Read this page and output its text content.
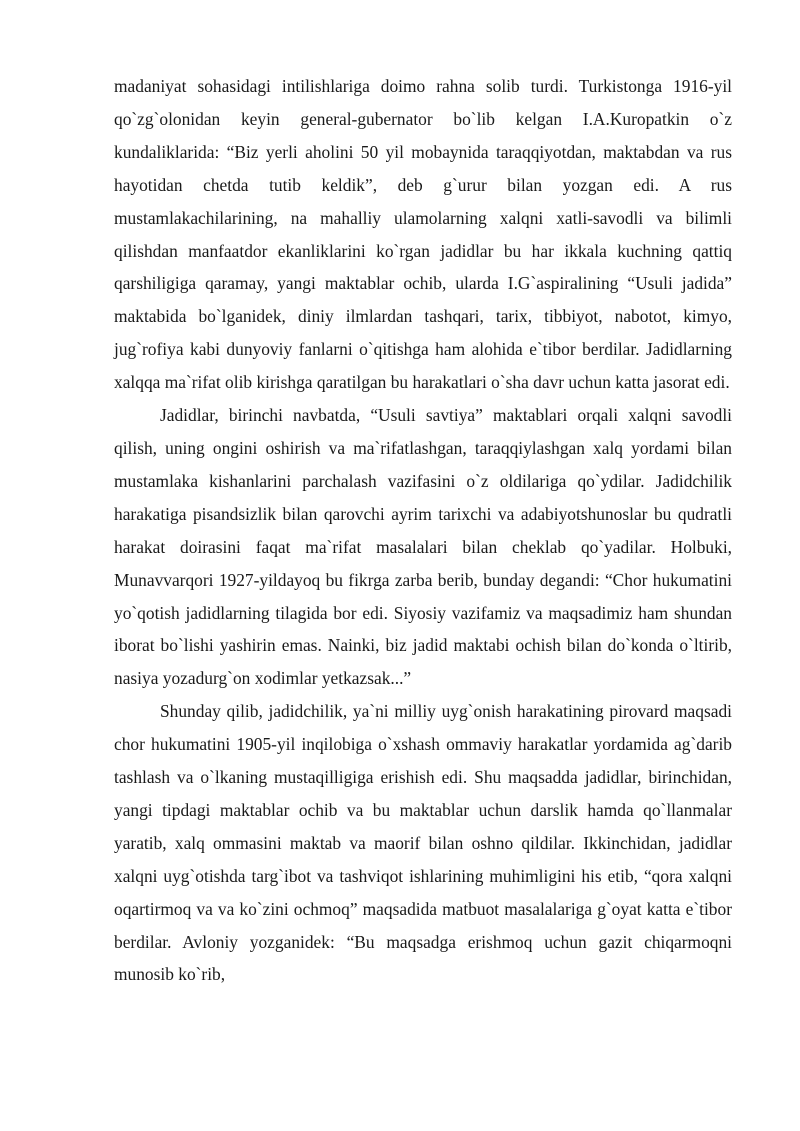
madaniyat sohasidagi intilishlariga doimo rahna solib turdi. Turkistonga 1916-yil qo`zg`olonidan keyin general-gubernator bo`lib kelgan I.A.Kuropatkin o`z kundaliklarida: “Biz yerli aholini 50 yil mobaynida taraqqiyotdan, maktabdan va rus hayotidan chetda tutib keldik”, deb g`urur bilan yozgan edi. A rus mustamlakachilarining, na mahalliy ulamolarning xalqni xatli-savodli va bilimli qilishdan manfaatdor ekanliklarini ko`rgan jadidlar bu har ikkala kuchning qattiq qarshiligiga qaramay, yangi maktablar ochib, ularda I.G`aspiralining “Usuli jadida” maktabida bo`lganidek, diniy ilmlardan tashqari, tarix, tibbiyot, nabotot, kimyo, jug`rofiya kabi dunyoviy fanlarni o`qitishga ham alohida e`tibor berdilar. Jadidlarning xalqqa ma`rifat olib kirishga qaratilgan bu harakatlari o`sha davr uchun katta jasorat edi.

Jadidlar, birinchi navbatda, “Usuli savtiya” maktablari orqali xalqni savodli qilish, uning ongini oshirish va ma`rifatlashgan, taraqqiylashgan xalq yordami bilan mustamlaka kishanlarini parchalash vazifasini o`z oldilariga qo`ydilar. Jadidchilik harakatiga pisandsizlik bilan qarovchi ayrim tarixchi va adabiyotshunoslar bu qudratli harakat doirasini faqat ma`rifat masalalari bilan cheklab qo`yadilar. Holbuki, Munavvarqori 1927-yildayoq bu fikrga zarba berib, bunday degandi: “Chor hukumatini yo`qotish jadidlarning tilagida bor edi. Siyosiy vazifamiz va maqsadimiz ham shundan iborat bo`lishi yashirin emas. Nainki, biz jadid maktabi ochish bilan do`konda o`ltirib, nasiya yozadurg`on xodimlar yetkazsak...”

Shunday qilib, jadidchilik, ya`ni milliy uyg`onish harakatining pirovard maqsadi chor hukumatini 1905-yil inqilobiga o`xshash ommaviy harakatlar yordamida ag`darib tashlash va o`lkaning mustaqilligiga erishish edi. Shu maqsadda jadidlar, birinchidan, yangi tipdagi maktablar ochib va bu maktablar uchun darslik hamda qo`llanmalar yaratib, xalq ommasini maktab va maorif bilan oshno qildilar. Ikkinchidan, jadidlar xalqni uyg`otishda targ`ibot va tashviqot ishlarining muhimligini his etib, “qora xalqni oqartirmoq va va ko`zini ochmoq” maqsadida matbuot masalalariga g`oyat katta e`tibor berdilar. Avloniy yozganidek: “Bu maqsadga erishmoq uchun gazit chiqarmoqni munosib ko`rib,
